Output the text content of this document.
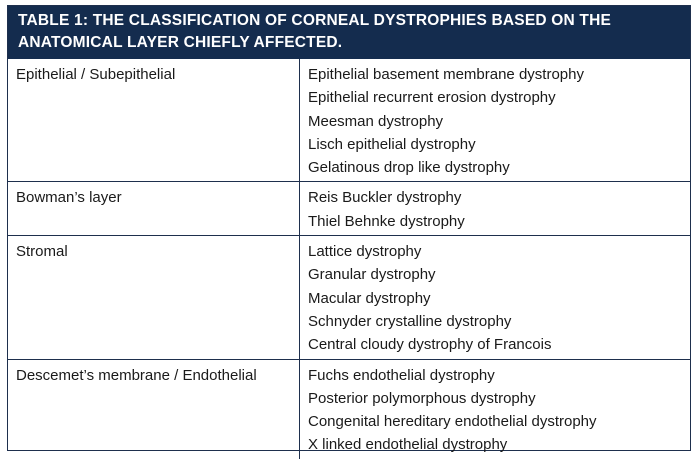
TABLE 1: THE CLASSIFICATION OF CORNEAL DYSTROPHIES BASED ON THE
ANATOMICAL LAYER CHIEFLY AFFECTED.
Epithelial / Subepithelial	Epithelial basement membrane dystrophy
Epithelial recurrent erosion dystrophy
Meesman dystrophy
Lisch epithelial dystrophy
Gelatinous drop like dystrophy

Bowman’s layer	Reis Buckler dystrophy
Thiel Behnke dystrophy

Stromal	Lattice dystrophy
Granular dystrophy
Macular dystrophy
Schnyder crystalline dystrophy
Central cloudy dystrophy of Francois

Descemet’s membrane / Endothelial	Fuchs endothelial dystrophy
Posterior polymorphous dystrophy
Congenital hereditary endothelial dystrophy
X linked endothelial dystrophy
